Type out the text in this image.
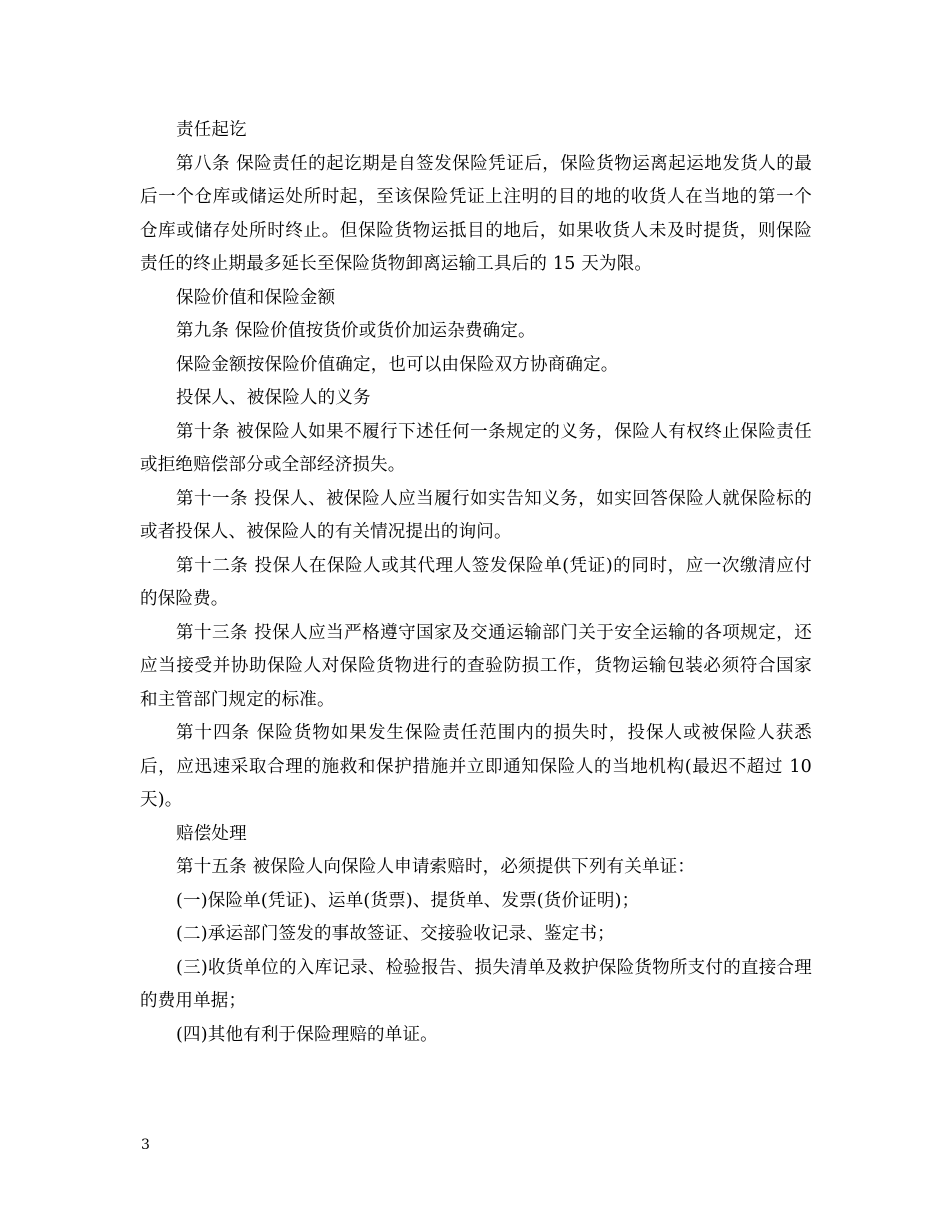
责任起讫

第八条 保险责任的起讫期是自签发保险凭证后，保险货物运离起运地发货人的最后一个仓库或储运处所时起，至该保险凭证上注明的目的地的收货人在当地的第一个仓库或储存处所时终止。但保险货物运抵目的地后，如果收货人未及时提货，则保险责任的终止期最多延长至保险货物卸离运输工具后的 15 天为限。

保险价值和保险金额

第九条 保险价值按货价或货价加运杂费确定。

保险金额按保险价值确定，也可以由保险双方协商确定。

投保人、被保险人的义务

第十条 被保险人如果不履行下述任何一条规定的义务，保险人有权终止保险责任或拒绝赔偿部分或全部经济损失。

第十一条 投保人、被保险人应当履行如实告知义务，如实回答保险人就保险标的或者投保人、被保险人的有关情况提出的询问。

第十二条 投保人在保险人或其代理人签发保险单(凭证)的同时，应一次缴清应付的保险费。

第十三条 投保人应当严格遵守国家及交通运输部门关于安全运输的各项规定，还应当接受并协助保险人对保险货物进行的查验防损工作，货物运输包装必须符合国家和主管部门规定的标准。

第十四条 保险货物如果发生保险责任范围内的损失时，投保人或被保险人获悉后，应迅速采取合理的施救和保护措施并立即通知保险人的当地机构(最迟不超过 10 天)。

赔偿处理

第十五条 被保险人向保险人申请索赔时，必须提供下列有关单证：

(一)保险单(凭证)、运单(货票)、提货单、发票(货价证明)；

(二)承运部门签发的事故签证、交接验收记录、鉴定书；

(三)收货单位的入库记录、检验报告、损失清单及救护保险货物所支付的直接合理的费用单据；

(四)其他有利于保险理赔的单证。

3
